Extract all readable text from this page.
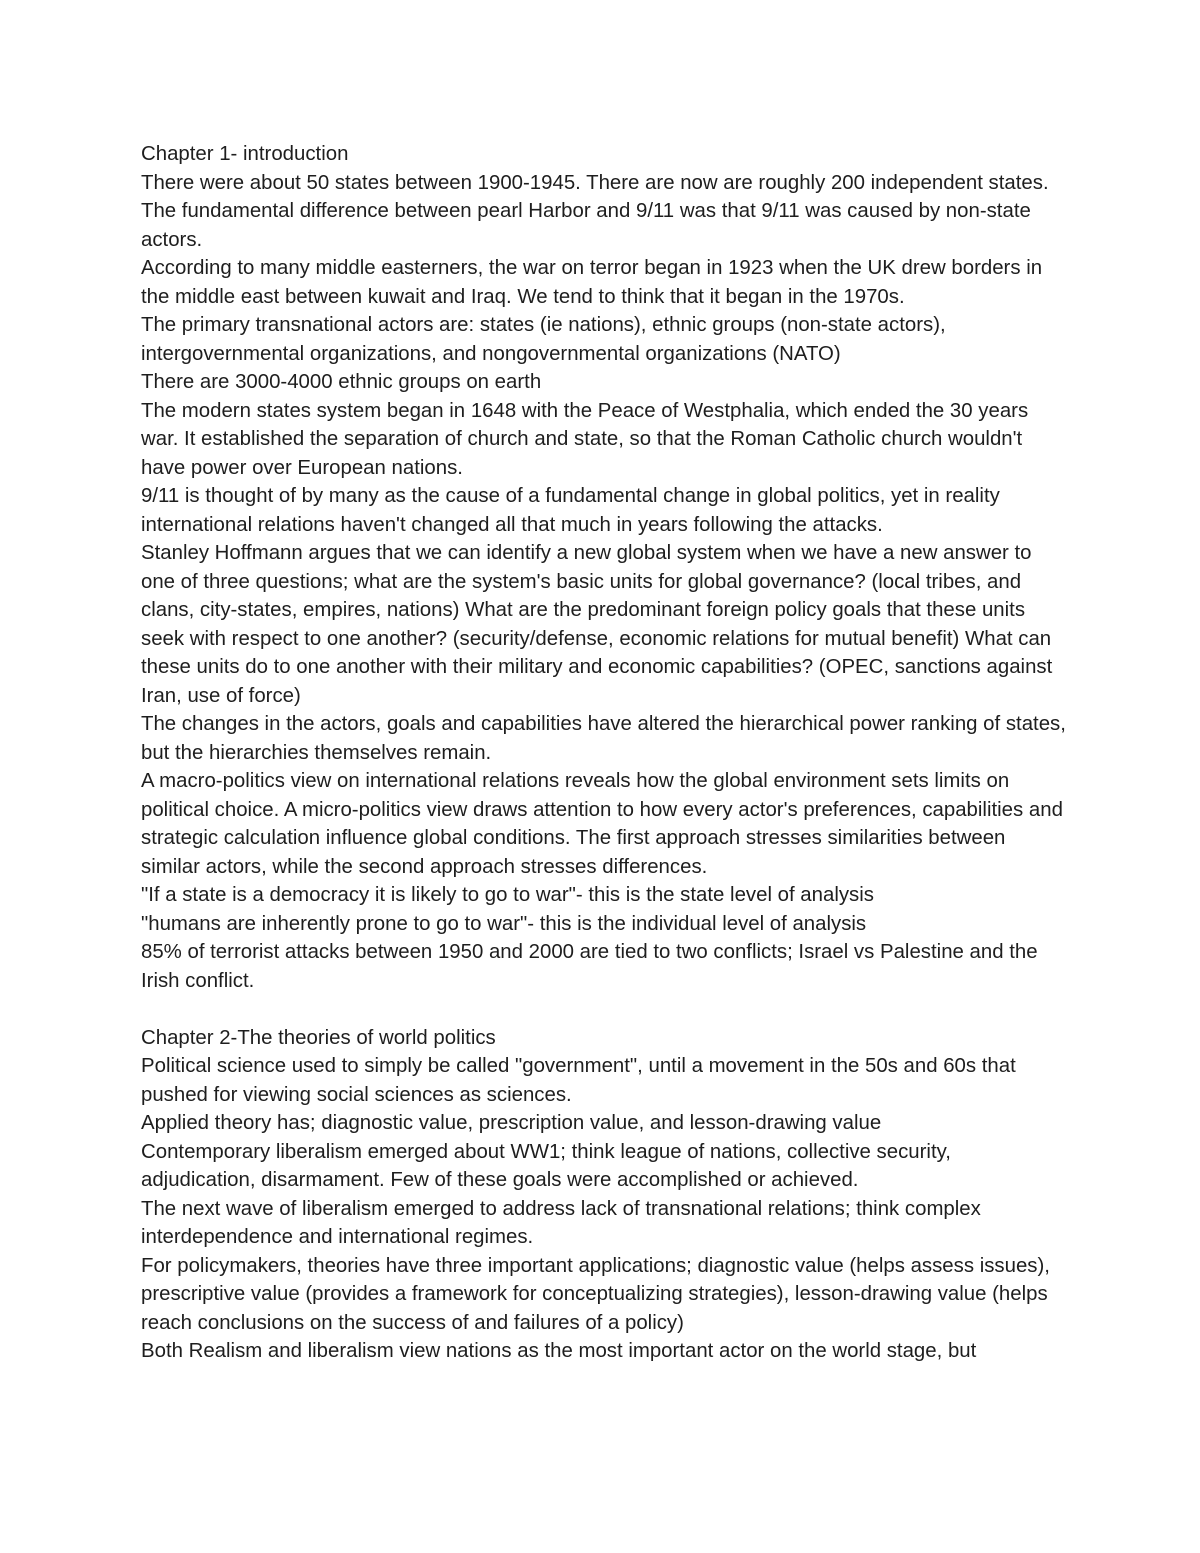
Chapter 1- introduction

There were about 50 states between 1900-1945. There are now are roughly 200 independent states.

The fundamental difference between pearl Harbor and 9/11 was that 9/11 was caused by non-state actors.

According to many middle easterners, the war on terror began in 1923 when the UK drew borders in the middle east between kuwait and Iraq. We tend to think that it began in the 1970s.

The primary transnational actors are: states (ie nations), ethnic groups (non-state actors), intergovernmental organizations, and nongovernmental organizations (NATO)

There are 3000-4000 ethnic groups on earth

The modern states system began in 1648 with the Peace of Westphalia, which ended the 30 years war. It established the separation of church and state, so that the Roman Catholic church wouldn't have power over European nations.

9/11 is thought of by many as the cause of a fundamental change in global politics, yet in reality international relations haven't changed all that much in years following the attacks.

Stanley Hoffmann argues that we can identify a new global system when we have a new answer to one of three questions; what are the system's basic units for global governance? (local tribes, and clans, city-states, empires, nations) What are the predominant foreign policy goals that these units seek with respect to one another? (security/defense, economic relations for mutual benefit) What can these units do to one another with their military and economic capabilities? (OPEC, sanctions against Iran, use of force)

The changes in the actors, goals and capabilities have altered the hierarchical power ranking of states, but the hierarchies themselves remain.

A macro-politics view on international relations reveals how the global environment sets limits on political choice. A micro-politics view draws attention to how every actor's preferences, capabilities and strategic calculation influence global conditions. The first approach stresses similarities between similar actors, while the second approach stresses differences.

"If a state is a democracy it is likely to go to war"- this is the state level of analysis

"humans are inherently prone to go to war"- this is the individual level of analysis

85% of terrorist attacks between 1950 and 2000 are tied to two conflicts; Israel vs Palestine and the Irish conflict.

Chapter 2-The theories of world politics

Political science used to simply be called "government", until a movement in the 50s and 60s that pushed for viewing social sciences as sciences.

Applied theory has; diagnostic value, prescription value, and lesson-drawing value

Contemporary liberalism emerged about WW1; think league of nations, collective security, adjudication, disarmament. Few of these goals were accomplished or achieved.

The next wave of liberalism emerged to address lack of transnational relations; think complex interdependence and international regimes.

For policymakers, theories have three important applications; diagnostic value (helps assess issues), prescriptive value (provides a framework for conceptualizing strategies), lesson-drawing value (helps reach conclusions on the success of and failures of a policy)

Both Realism and liberalism view nations as the most important actor on the world stage, but
